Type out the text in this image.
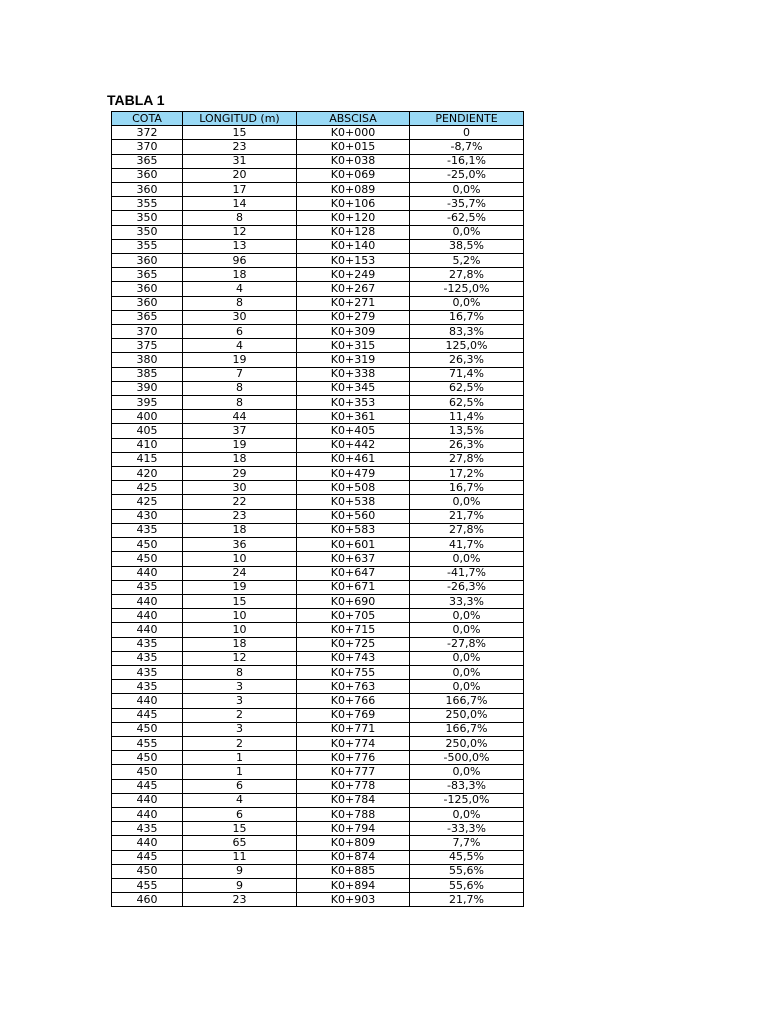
TABLA 1
COTA	LONGITUD (m)	ABSCISA	PENDIENTE
372	15	K0+000	0
370	23	K0+015	-8,7%
365	31	K0+038	-16,1%
360	20	K0+069	-25,0%
360	17	K0+089	0,0%
355	14	K0+106	-35,7%
350	8	K0+120	-62,5%
350	12	K0+128	0,0%
355	13	K0+140	38,5%
360	96	K0+153	5,2%
365	18	K0+249	27,8%
360	4	K0+267	-125,0%
360	8	K0+271	0,0%
365	30	K0+279	16,7%
370	6	K0+309	83,3%
375	4	K0+315	125,0%
380	19	K0+319	26,3%
385	7	K0+338	71,4%
390	8	K0+345	62,5%
395	8	K0+353	62,5%
400	44	K0+361	11,4%
405	37	K0+405	13,5%
410	19	K0+442	26,3%
415	18	K0+461	27,8%
420	29	K0+479	17,2%
425	30	K0+508	16,7%
425	22	K0+538	0,0%
430	23	K0+560	21,7%
435	18	K0+583	27,8%
450	36	K0+601	41,7%
450	10	K0+637	0,0%
440	24	K0+647	-41,7%
435	19	K0+671	-26,3%
440	15	K0+690	33,3%
440	10	K0+705	0,0%
440	10	K0+715	0,0%
435	18	K0+725	-27,8%
435	12	K0+743	0,0%
435	8	K0+755	0,0%
435	3	K0+763	0,0%
440	3	K0+766	166,7%
445	2	K0+769	250,0%
450	3	K0+771	166,7%
455	2	K0+774	250,0%
450	1	K0+776	-500,0%
450	1	K0+777	0,0%
445	6	K0+778	-83,3%
440	4	K0+784	-125,0%
440	6	K0+788	0,0%
435	15	K0+794	-33,3%
440	65	K0+809	7,7%
445	11	K0+874	45,5%
450	9	K0+885	55,6%
455	9	K0+894	55,6%
460	23	K0+903	21,7%
